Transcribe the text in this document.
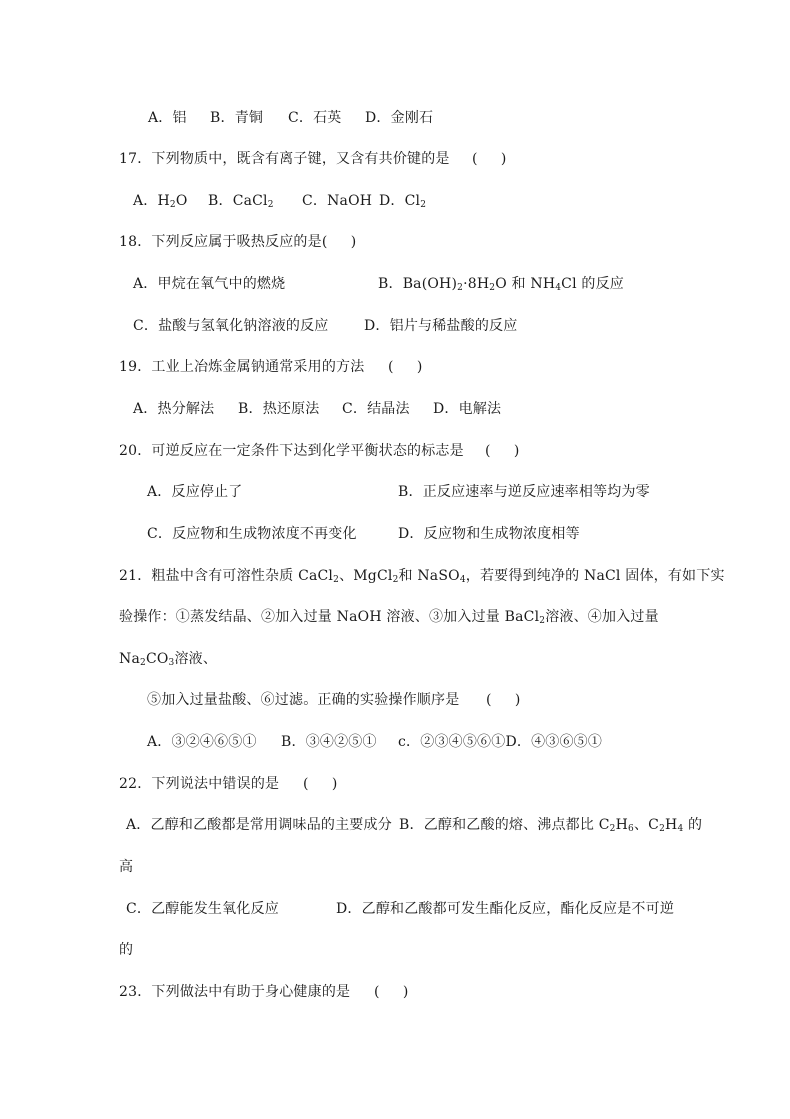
A．铝 B．青铜 C．石英 D．金刚石
17．下列物质中，既含有离子键，又含有共价键的是 (     )
A．$H_2O$ B．CaCl$_2$ C．NaOH D．$Cl_2$
18．下列反应属于吸热反应的是(     )
A．甲烷在氧气中的燃烧	B．$Ba(OH)_2\cdot 8H_2O$ 和 $NH_4Cl$ 的反应
C．盐酸与氢氧化钠溶液的反应	D．铝片与稀盐酸的反应
19．工业上冶炼金属钠通常采用的方法 (     )
A．热分解法 B．热还原法 C．结晶法 D．电解法
20．可逆反应在一定条件下达到化学平衡状态的标志是 (     )
A．反应停止了	B．正反应速率与逆反应速率相等均为零
C．反应物和生成物浓度不再变化	D．反应物和生成物浓度相等
21．粗盐中含有可溶性杂质 CaCl$_2$、MgCl$_2$和 NaSO$_4$，若要得到纯净的 NaCl 固体，有如下实
验操作：①蒸发结晶、②加入过量 NaOH 溶液、③加入过量 BaCl$_2$溶液、④加入过量
$Na_2CO_3$溶液、
⑤加入过量盐酸、⑥过滤。正确的实验操作顺序是 (     )
A．③②④⑥⑤① B．③④②⑤① c．②③④⑤⑥①D．④③⑥⑤①
22．下列说法中错误的是 (     )
A．乙醇和乙酸都是常用调味品的主要成分 B．乙醇和乙酸的熔、沸点都比 $C_2H_6$、$C_2H_4$ 的
高
C．乙醇能发生氧化反应	D．乙醇和乙酸都可发生酯化反应，酯化反应是不可逆
的
23．下列做法中有助于身心健康的是 (     )
